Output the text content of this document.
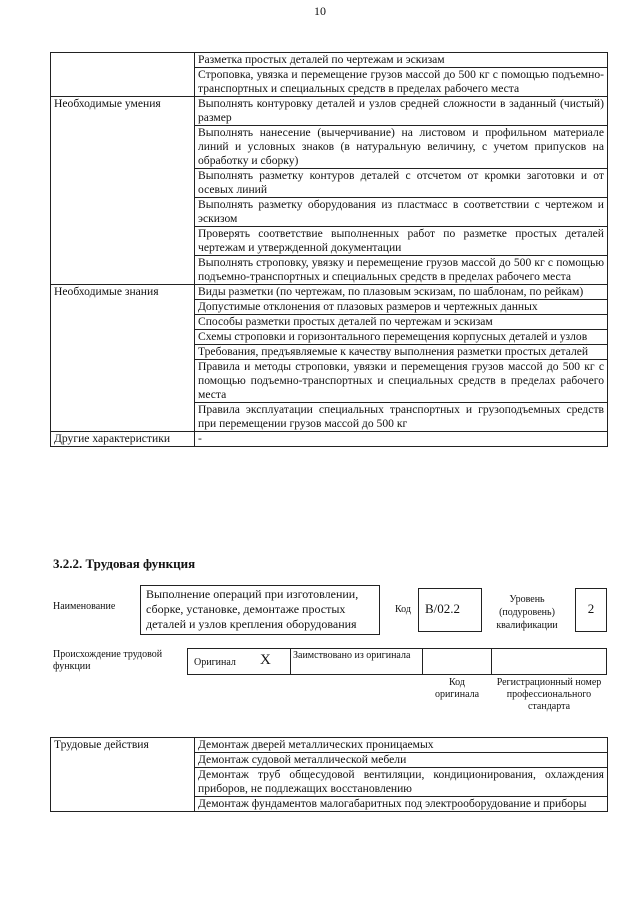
10
	Разметка простых деталей по чертежам и эскизам
	Строповка, увязка и перемещение грузов массой до 500 кг с помощью подъемно-транспортных и специальных средств в пределах рабочего места
Необходимые умения	Выполнять контуровку деталей и узлов средней сложности в заданный (чистый) размер
	Выполнять нанесение (вычерчивание) на листовом и профильном материале линий и условных знаков (в натуральную величину, с учетом припусков на обработку и сборку)
	Выполнять разметку контуров деталей с отсчетом от кромки заготовки и от осевых линий
	Выполнять разметку оборудования из пластмасс в соответствии с чертежом и эскизом
	Проверять соответствие выполненных работ по разметке простых деталей чертежам и утвержденной документации
	Выполнять строповку, увязку и перемещение грузов массой до 500 кг с помощью подъемно-транспортных и специальных средств в пределах рабочего места
Необходимые знания	Виды разметки (по чертежам, по плазовым эскизам, по шаблонам, по рейкам)
	Допустимые отклонения от плазовых размеров и чертежных данных
	Способы разметки простых деталей по чертежам и эскизам
	Схемы строповки и горизонтального перемещения корпусных деталей и узлов
	Требования, предъявляемые к качеству выполнения разметки простых деталей
	Правила и методы строповки, увязки и перемещения грузов массой до 500 кг с помощью подъемно-транспортных и специальных средств в пределах рабочего места
	Правила эксплуатации специальных транспортных и грузоподъемных средств при перемещении грузов массой до 500 кг
Другие характеристики	-
3.2.2. Трудовая функция
Наименование
Выполнение операций при изготовлении, сборке, установке, демонтаже простых деталей и узлов крепления оборудования
Код	В/02.2
Уровень (подуровень) квалификации
2
Происхождение трудовой функции	Оригинал X Заимствовано из оригинала
Код оригинала
Регистрационный номер профессионального стандарта
Трудовые действия	Демонтаж дверей металлических проницаемых
Демонтаж судовой металлической мебели
Демонтаж труб общесудовой вентиляции, кондиционирования, охлаждения приборов, не подлежащих восстановлению
Демонтаж фундаментов малогабаритных под электрооборудование и приборы
